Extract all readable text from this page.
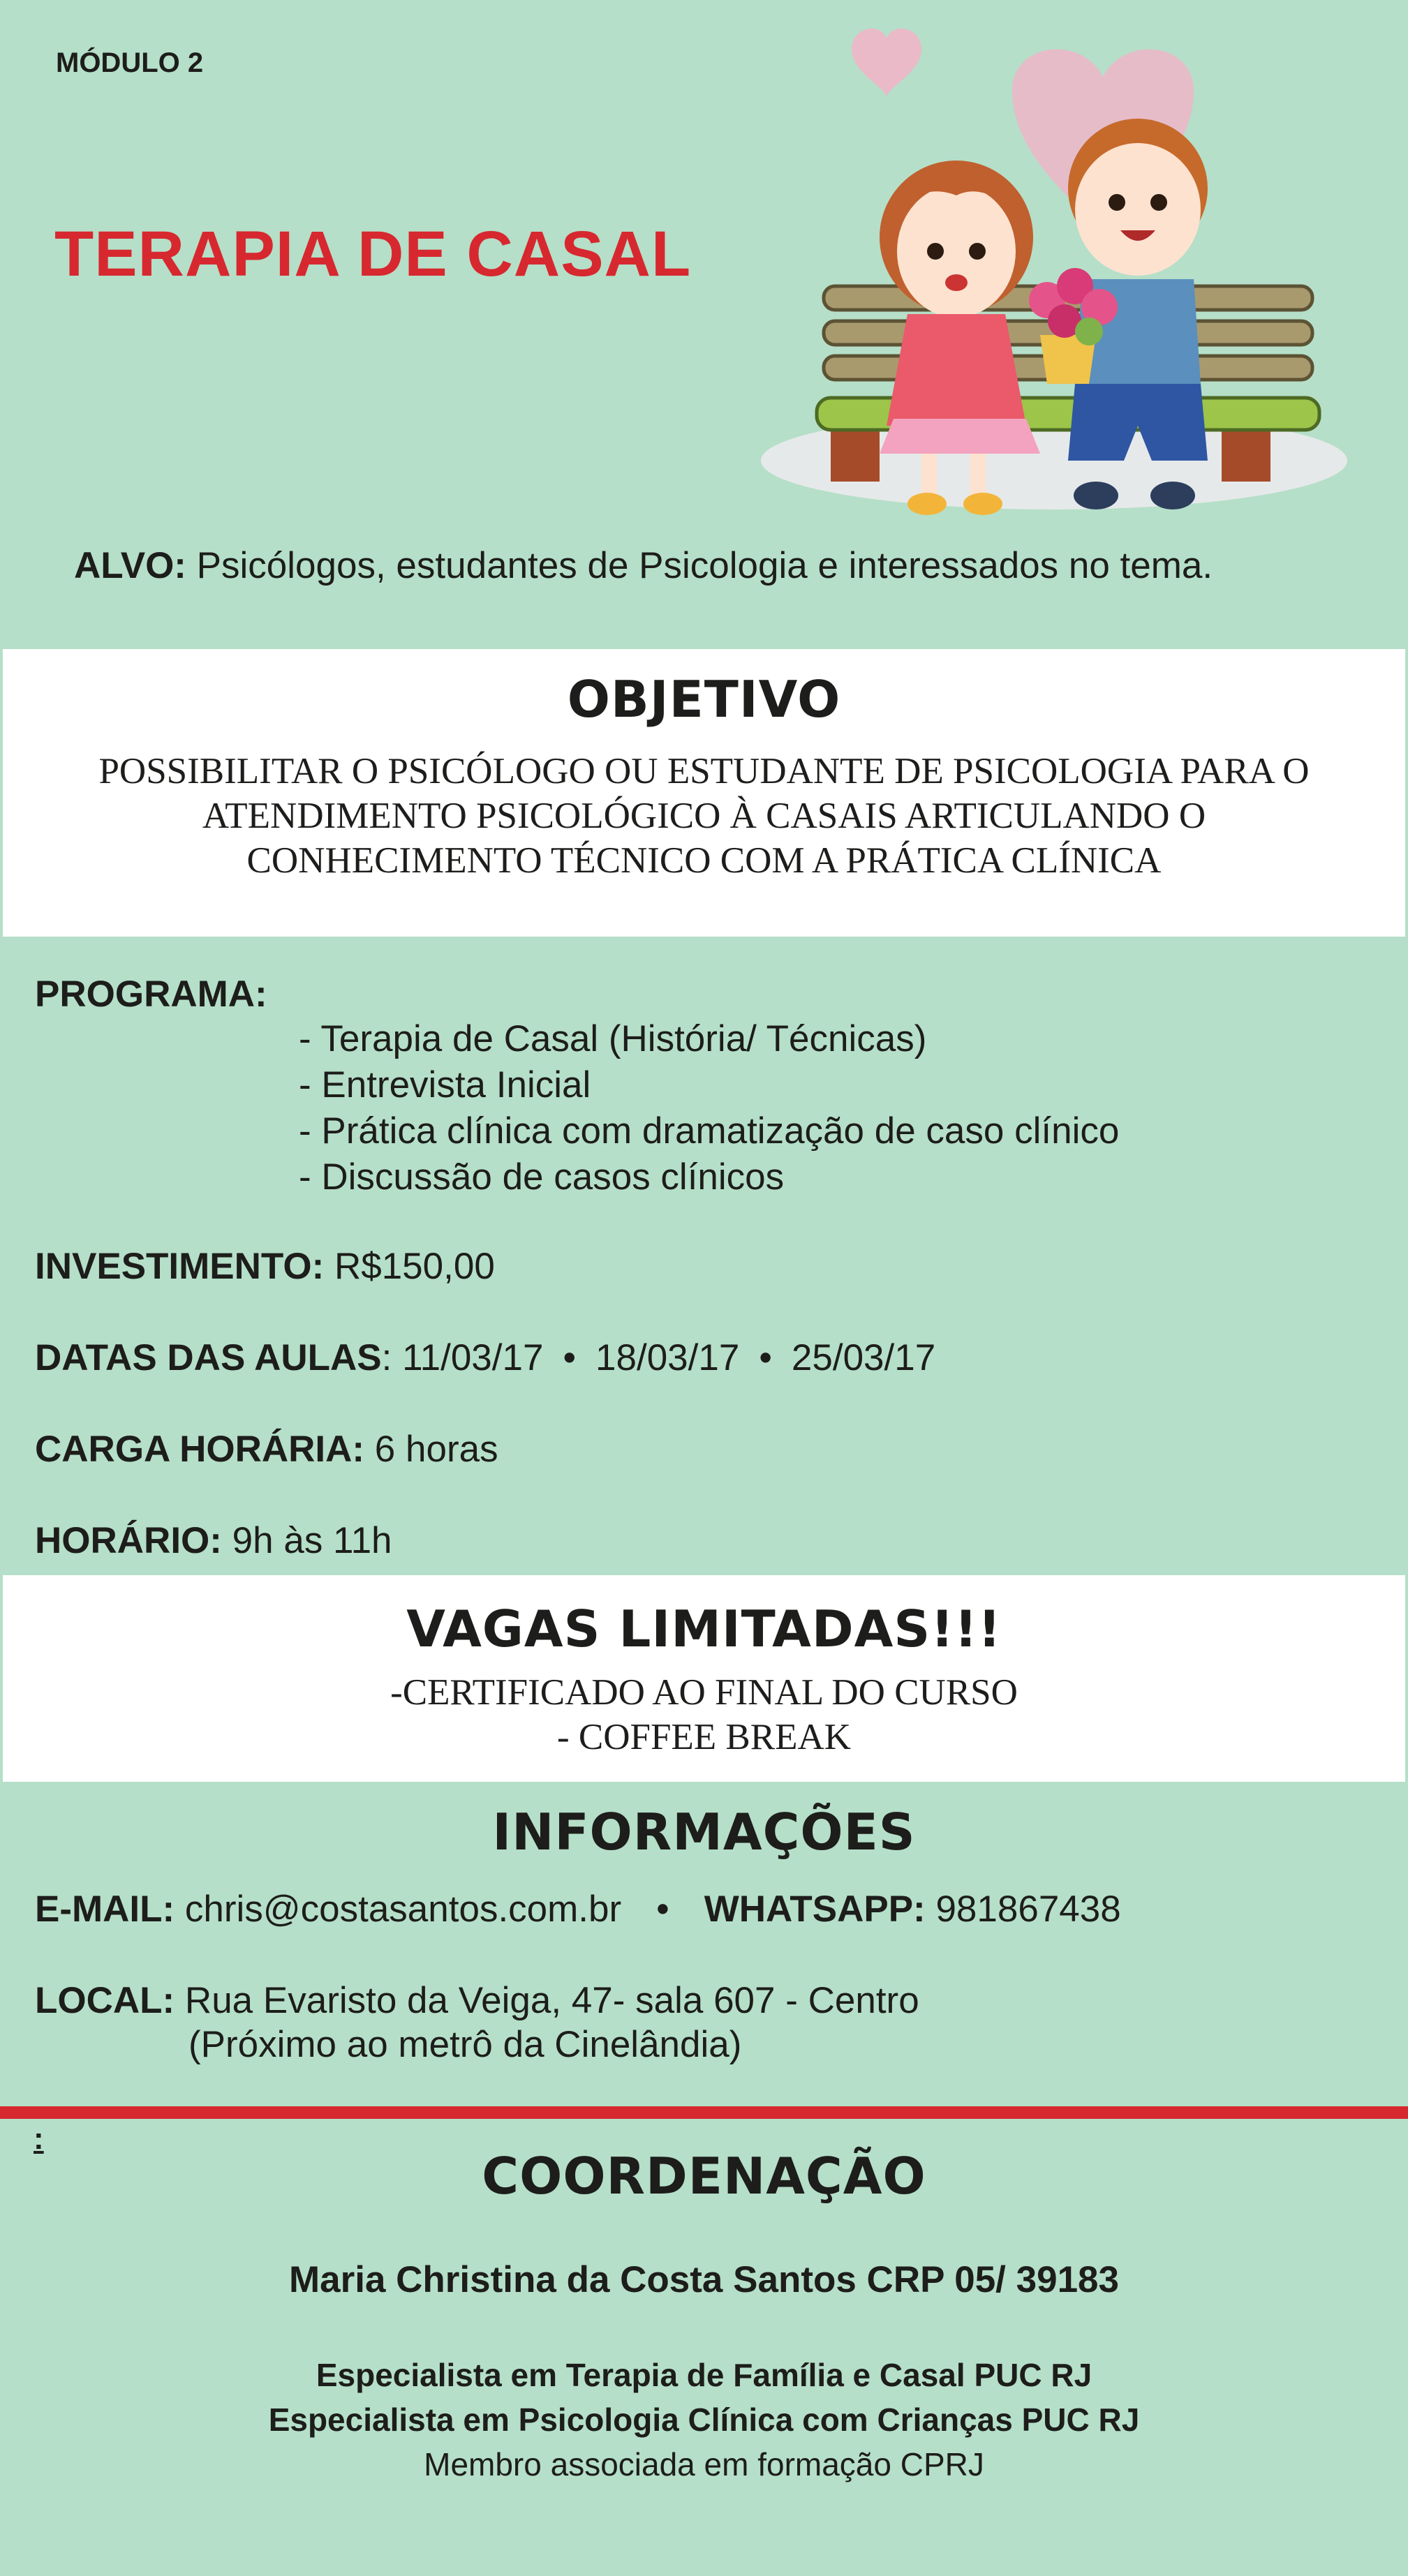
MÓDULO 2
TERAPIA DE CASAL
ALVO: Psicólogos, estudantes de Psicologia e interessados no tema.
OBJETIVO
POSSIBILITAR O PSICÓLOGO OU ESTUDANTE DE PSICOLOGIA PARA O
ATENDIMENTO PSICOLÓGICO À CASAIS ARTICULANDO O
CONHECIMENTO TÉCNICO COM A PRÁTICA CLÍNICA
PROGRAMA:
- Terapia de Casal (História/ Técnicas)
- Entrevista Inicial
- Prática clínica com dramatização de caso clínico
- Discussão de casos clínicos
INVESTIMENTO: R$150,00
DATAS DAS AULAS: 11/03/17 • 18/03/17 • 25/03/17
CARGA HORÁRIA: 6 horas
HORÁRIO: 9h às 11h
VAGAS LIMITADAS!!!
-CERTIFICADO AO FINAL DO CURSO
- COFFEE BREAK
INFORMAÇÕES
E-MAIL: chris@costasantos.com.br • WHATSAPP: 981867438
LOCAL: Rua Evaristo da Veiga, 47- sala 607 - Centro
(Próximo ao metrô da Cinelândia)
:
COORDENAÇÃO
Maria Christina da Costa Santos CRP 05/ 39183
Especialista em Terapia de Família e Casal PUC RJ
Especialista em Psicologia Clínica com Crianças PUC RJ
Membro associada em formação CPRJ
